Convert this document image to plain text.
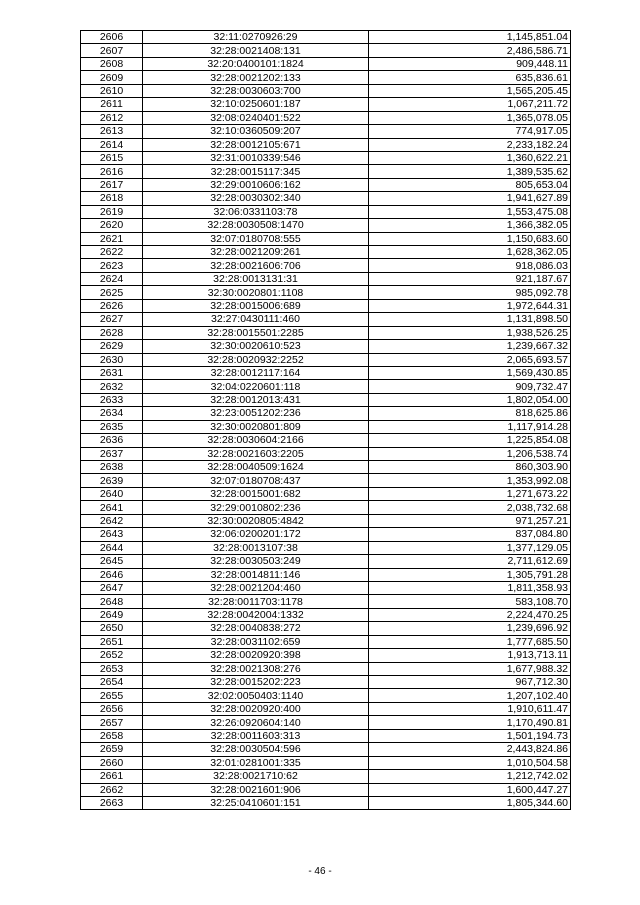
2606	32:11:0270926:29	1,145,851.04
2607	32:28:0021408:131	2,486,586.71
2608	32:20:0400101:1824	909,448.11
2609	32:28:0021202:133	635,836.61
2610	32:28:0030603:700	1,565,205.45
2611	32:10:0250601:187	1,067,211.72
2612	32:08:0240401:522	1,365,078.05
2613	32:10:0360509:207	774,917.05
2614	32:28:0012105:671	2,233,182.24
2615	32:31:0010339:546	1,360,622.21
2616	32:28:0015117:345	1,389,535.62
2617	32:29:0010606:162	805,653.04
2618	32:28:0030302:340	1,941,627.89
2619	32:06:0331103:78	1,553,475.08
2620	32:28:0030508:1470	1,366,382.05
2621	32:07:0180708:555	1,150,683.60
2622	32:28:0021209:261	1,628,362.05
2623	32:28:0021606:706	918,086.03
2624	32:28:0013131:31	921,187.67
2625	32:30:0020801:1108	985,092.78
2626	32:28:0015006:689	1,972,644.31
2627	32:27:0430111:460	1,131,898.50
2628	32:28:0015501:2285	1,938,526.25
2629	32:30:0020610:523	1,239,667.32
2630	32:28:0020932:2252	2,065,693.57
2631	32:28:0012117:164	1,569,430.85
2632	32:04:0220601:118	909,732.47
2633	32:28:0012013:431	1,802,054.00
2634	32:23:0051202:236	818,625.86
2635	32:30:0020801:809	1,117,914.28
2636	32:28:0030604:2166	1,225,854.08
2637	32:28:0021603:2205	1,206,538.74
2638	32:28:0040509:1624	860,303.90
2639	32:07:0180708:437	1,353,992.08
2640	32:28:0015001:682	1,271,673.22
2641	32:29:0010802:236	2,038,732.68
2642	32:30:0020805:4842	971,257.21
2643	32:06:0200201:172	837,084.80
2644	32:28:0013107:38	1,377,129.05
2645	32:28:0030503:249	2,711,612.69
2646	32:28:0014811:146	1,305,791.28
2647	32:28:0021204:460	1,811,358.93
2648	32:28:0011703:1178	583,108.70
2649	32:28:0042004:1332	2,224,470.25
2650	32:28:0040838:272	1,239,696.92
2651	32:28:0031102:659	1,777,685.50
2652	32:28:0020920:398	1,913,713.11
2653	32:28:0021308:276	1,677,988.32
2654	32:28:0015202:223	967,712.30
2655	32:02:0050403:1140	1,207,102.40
2656	32:28:0020920:400	1,910,611.47
2657	32:26:0920604:140	1,170,490.81
2658	32:28:0011603:313	1,501,194.73
2659	32:28:0030504:596	2,443,824.86
2660	32:01:0281001:335	1,010,504.58
2661	32:28:0021710:62	1,212,742.02
2662	32:28:0021601:906	1,600,447.27
2663	32:25:0410601:151	1,805,344.60
- 46 -
